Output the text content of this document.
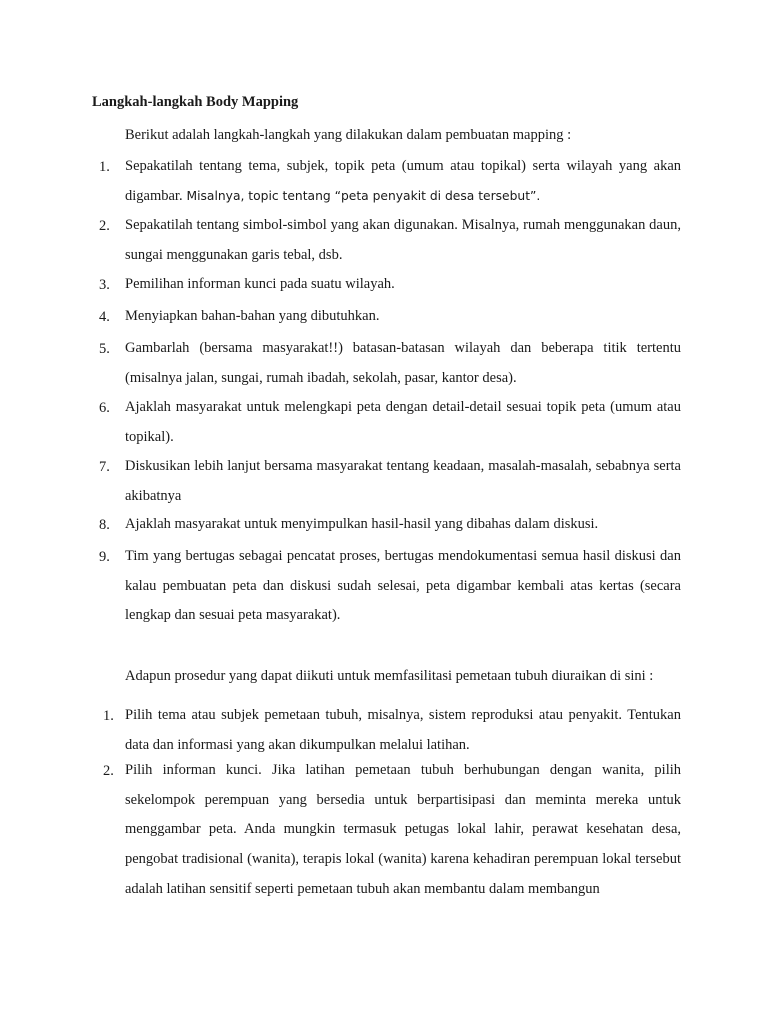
Langkah-langkah Body Mapping
Berikut adalah langkah-langkah yang dilakukan dalam pembuatan mapping :
1. Sepakatilah tentang tema, subjek, topik peta (umum atau topikal) serta wilayah yang akan digambar. Misalnya, topic tentang “peta penyakit di desa tersebut”.
2. Sepakatilah tentang simbol-simbol yang akan digunakan. Misalnya, rumah menggunakan daun, sungai menggunakan garis tebal, dsb.
3. Pemilihan informan kunci pada suatu wilayah.
4. Menyiapkan bahan-bahan yang dibutuhkan.
5. Gambarlah (bersama masyarakat!!) batasan-batasan wilayah dan beberapa titik tertentu (misalnya jalan, sungai, rumah ibadah, sekolah, pasar, kantor desa).
6. Ajaklah masyarakat untuk melengkapi peta dengan detail-detail sesuai topik peta (umum atau topikal).
7. Diskusikan lebih lanjut bersama masyarakat tentang keadaan, masalah-masalah, sebabnya serta akibatnya
8. Ajaklah masyarakat untuk menyimpulkan hasil-hasil yang dibahas dalam diskusi.
9. Tim yang bertugas sebagai pencatat proses, bertugas mendokumentasi semua hasil diskusi dan kalau pembuatan peta dan diskusi sudah selesai, peta digambar kembali atas kertas (secara lengkap dan sesuai peta masyarakat).
Adapun prosedur yang dapat diikuti untuk memfasilitasi pemetaan tubuh diuraikan di sini :
1. Pilih tema atau subjek pemetaan tubuh, misalnya, sistem reproduksi atau penyakit. Tentukan data dan informasi yang akan dikumpulkan melalui latihan.
2. Pilih informan kunci. Jika latihan pemetaan tubuh berhubungan dengan wanita, pilih sekelompok perempuan yang bersedia untuk berpartisipasi dan meminta mereka untuk menggambar peta. Anda mungkin termasuk petugas lokal lahir, perawat kesehatan desa, pengobat tradisional (wanita), terapis lokal (wanita) karena kehadiran perempuan lokal tersebut adalah latihan sensitif seperti pemetaan tubuh akan membantu dalam membangun
